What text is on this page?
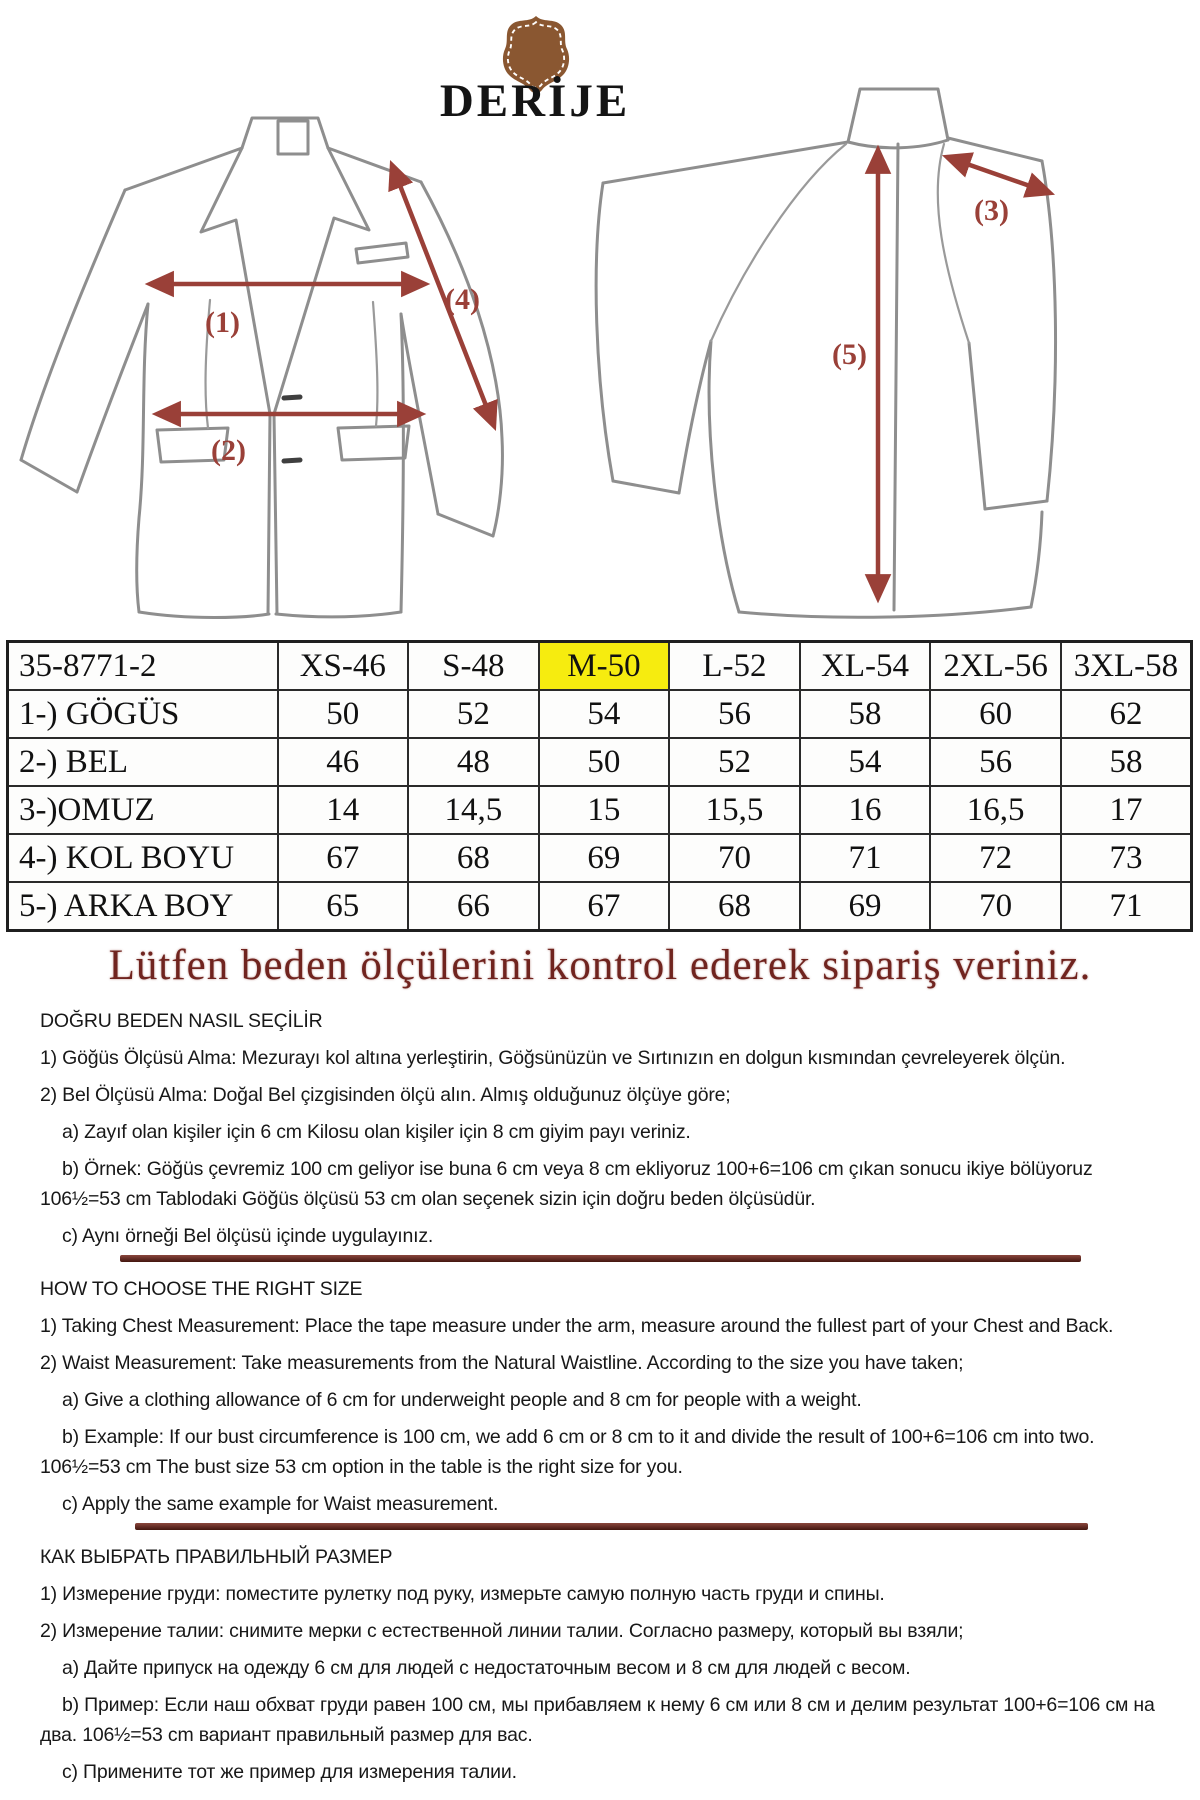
DERİJE
(1)
(2)
(4)
(3)
(5)
35-8771-2	XS-46	S-48	M-50	L-52	XL-54	2XL-56	3XL-58
1-) GÖGÜS	50	52	54	56	58	60	62
2-) BEL	46	48	50	52	54	56	58
3-)OMUZ	14	14,5	15	15,5	16	16,5	17
4-) KOL BOYU	67	68	69	70	71	72	73
5-) ARKA BOY	65	66	67	68	69	70	71
Lütfen beden ölçülerini kontrol ederek sipariş veriniz.

DOĞRU BEDEN NASIL SEÇİLİR

1) Göğüs Ölçüsü Alma: Mezurayı kol altına yerleştirin, Göğsünüzün ve Sırtınızın en dolgun kısmından çevreleyerek ölçün.

2) Bel Ölçüsü Alma: Doğal Bel çizgisinden ölçü alın. Almış olduğunuz ölçüye göre;

a) Zayıf olan kişiler için 6 cm Kilosu olan kişiler için 8 cm giyim payı veriniz.

b) Örnek: Göğüs çevremiz 100 cm geliyor ise buna 6 cm veya 8 cm ekliyoruz 100+6=106 cm çıkan sonucu ikiye bölüyoruz 106½=53 cm Tablodaki Göğüs ölçüsü 53 cm olan seçenek sizin için doğru beden ölçüsüdür.

c) Aynı örneği Bel ölçüsü içinde uygulayınız.

HOW TO CHOOSE THE RIGHT SIZE

1) Taking Chest Measurement: Place the tape measure under the arm, measure around the fullest part of your Chest and Back.

2) Waist Measurement: Take measurements from the Natural Waistline. According to the size you have taken;

a) Give a clothing allowance of 6 cm for underweight people and 8 cm for people with a weight.

b) Example: If our bust circumference is 100 cm, we add 6 cm or 8 cm to it and divide the result of 100+6=106 cm into two. 106½=53 cm The bust size 53 cm option in the table is the right size for you.

c) Apply the same example for Waist measurement.

КАК ВЫБРАТЬ ПРАВИЛЬНЫЙ РАЗМЕР

1) Измерение груди: поместите рулетку под руку, измерьте самую полную часть груди и спины.

2) Измерение талии: снимите мерки с естественной линии талии. Согласно размеру, который вы взяли;

a) Дайте припуск на одежду 6 см для людей с недостаточным весом и 8 см для людей с весом.

b) Пример: Если наш обхват груди равен 100 см, мы прибавляем к нему 6 см или 8 см и делим результат 100+6=106 см на два. 106½=53 cm вариант правильный размер для вас.

c) Примените тот же пример для измерения талии.
